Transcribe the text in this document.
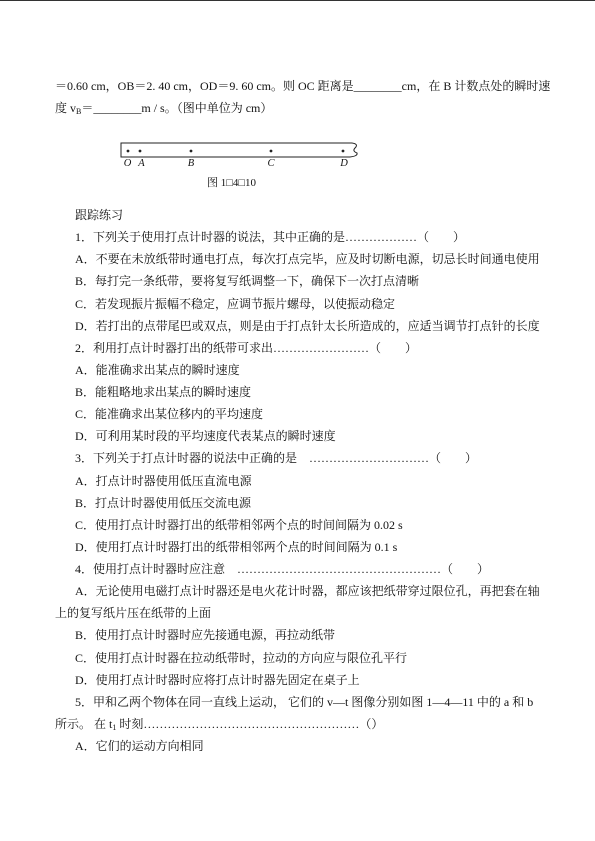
＝0.60 cm，OB＝2. 40 cm，OD＝9. 60 cm。则 OC 距离是________cm，在 B 计数点处的瞬时速
度 $v_B=\_\_\_\_\_\_\_\_m / s$。（图中单位为 cm）
O A	B	C	D
图 1□4□10
跟踪练习
1．下列关于使用打点计时器的说法，其中正确的是………………（　　）
A．不要在未放纸带时通电打点，每次打点完毕，应及时切断电源，切忌长时间通电使用
B．每打完一条纸带，要将复写纸调整一下，确保下一次打点清晰
C．若发现振片振幅不稳定，应调节振片螺母，以使振动稳定
D．若打出的点带尾巴或双点，则是由于打点针太长所造成的，应适当调节打点针的长度
2．利用打点计时器打出的纸带可求出……………………（　　）
A．能准确求出某点的瞬时速度
B．能粗略地求出某点的瞬时速度
C．能准确求出某位移内的平均速度
D．可利用某时段的平均速度代表某点的瞬时速度
3．下列关于打点计时器的说法中正确的是　…………………………（　　）
A．打点计时器使用低压直流电源
B．打点计时器使用低压交流电源
C．使用打点计时器打出的纸带相邻两个点的时间间隔为 0.02 s
D．使用打点计时器打出的纸带相邻两个点的时间间隔为 0.1 s
4．使用打点计时器时应注意　……………………………………………（　　）
A．无论使用电磁打点计时器还是电火花计时器，都应该把纸带穿过限位孔，再把套在轴
上的复写纸片压在纸带的上面
B．使用打点计时器时应先接通电源，再拉动纸带
C．使用打点计时器在拉动纸带时，拉动的方向应与限位孔平行
D．使用打点计时器时应将打点计时器先固定在桌子上
5．甲和乙两个物体在同一直线上运动， 它们的 v—t 图像分别如图 1—4—11 中的 a 和 b
所示。 在 $t_1$ 时刻………………………………………………（）
A．它们的运动方向相同
